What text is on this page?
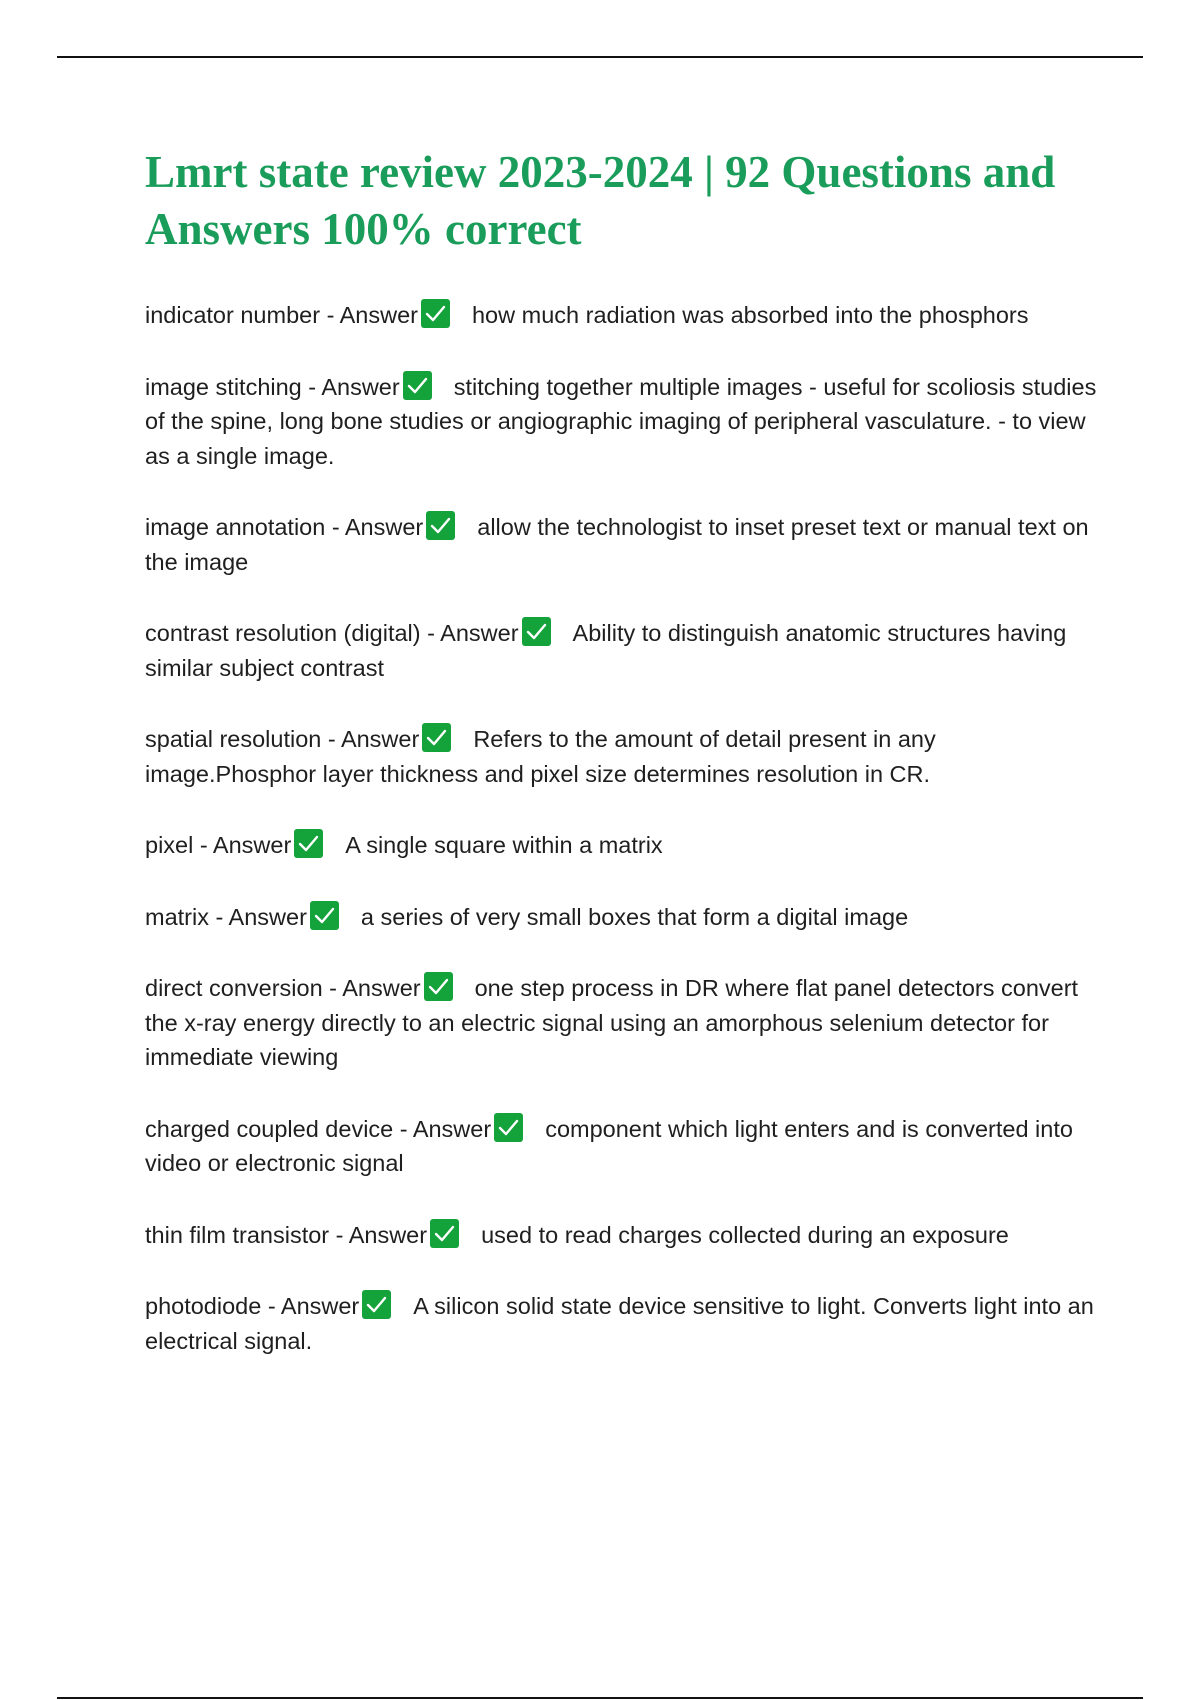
Lmrt state review 2023-2024 | 92 Questions and Answers 100% correct

indicator number - Answer how much radiation was absorbed into the phosphors

image stitching - Answer stitching together multiple images - useful for scoliosis studies of the spine, long bone studies or angiographic imaging of peripheral vasculature. - to view as a single image.

image annotation - Answer allow the technologist to inset preset text or manual text on the image

contrast resolution (digital) - Answer Ability to distinguish anatomic structures having similar subject contrast

spatial resolution - Answer Refers to the amount of detail present in any image.Phosphor layer thickness and pixel size determines resolution in CR.

pixel - Answer A single square within a matrix

matrix - Answer a series of very small boxes that form a digital image

direct conversion - Answer one step process in DR where flat panel detectors convert the x-ray energy directly to an electric signal using an amorphous selenium detector for immediate viewing

charged coupled device - Answer component which light enters and is converted into video or electronic signal

thin film transistor - Answer used to read charges collected during an exposure

photodiode - Answer A silicon solid state device sensitive to light. Converts light into an electrical signal.
